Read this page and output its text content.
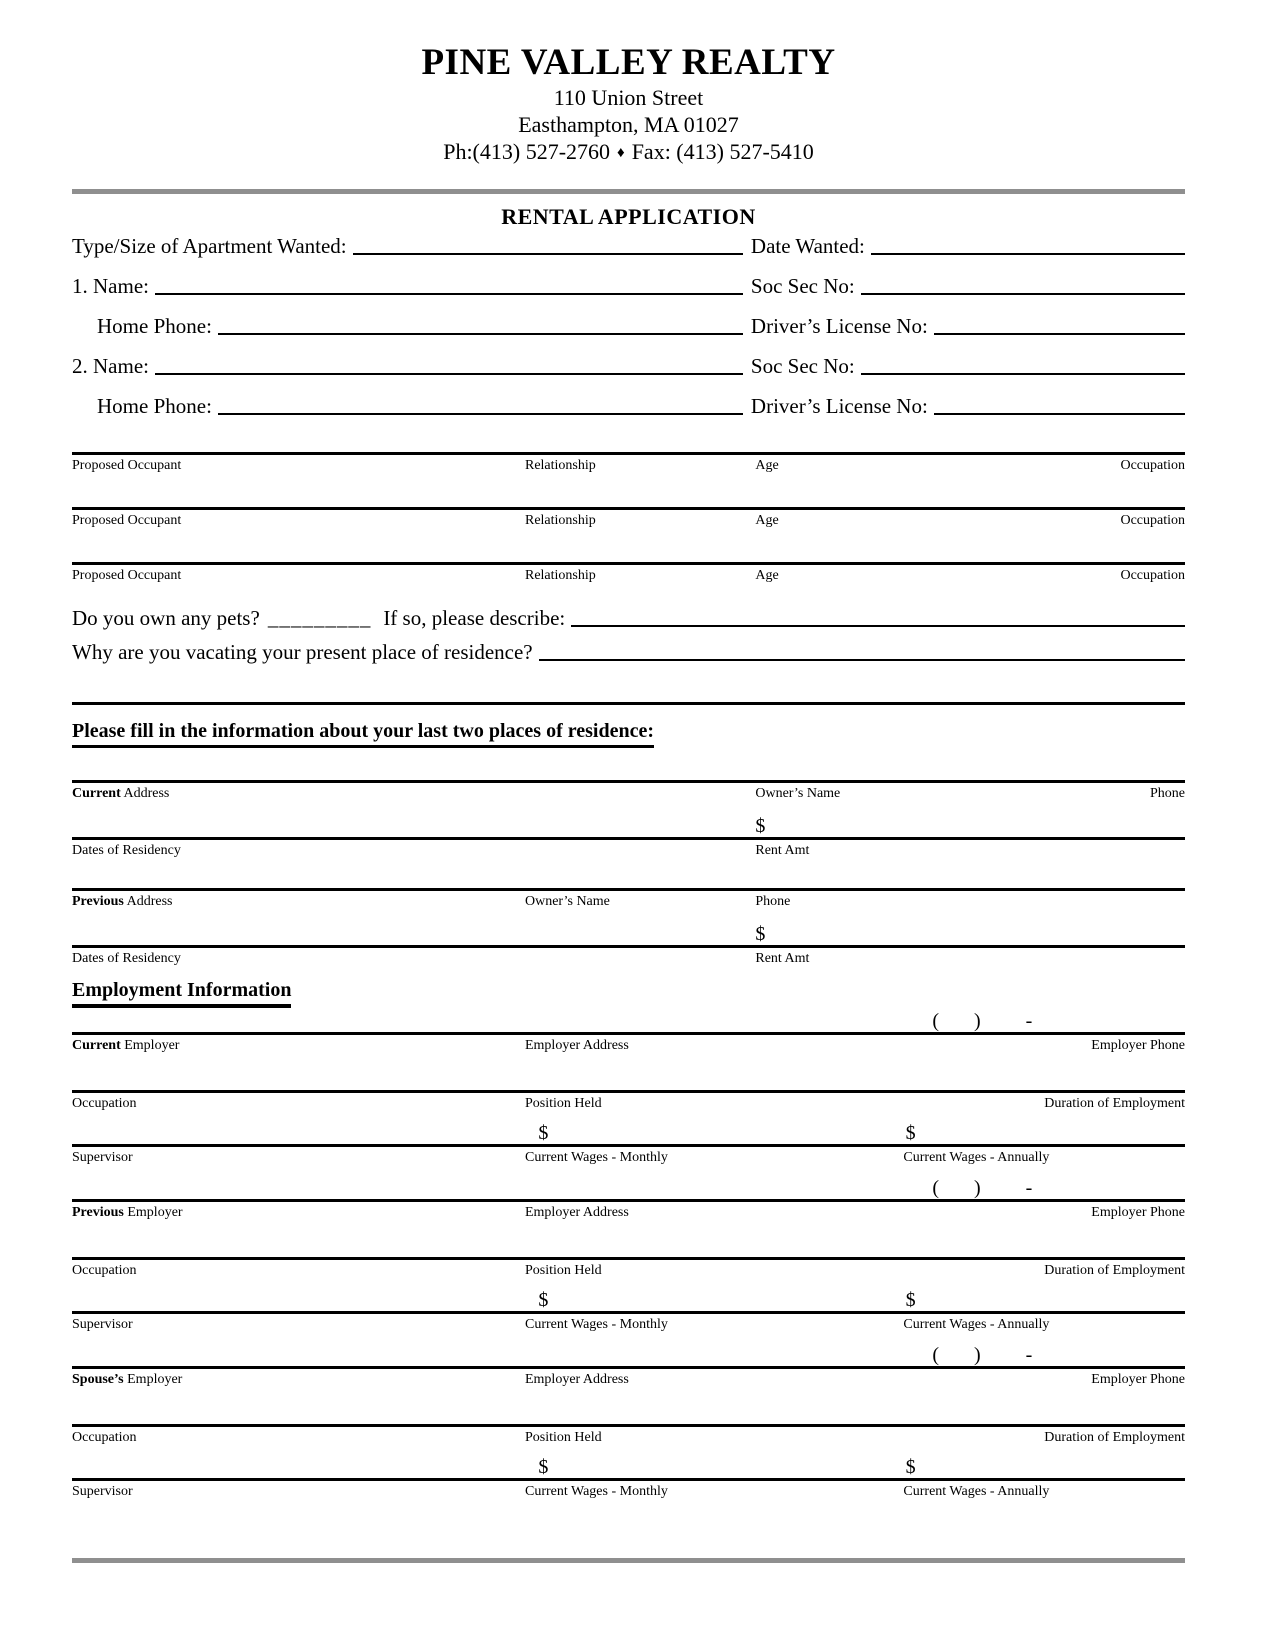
PINE VALLEY REALTY
110 Union Street
Easthampton, MA 01027
Ph:(413) 527-2760 ♦ Fax: (413) 527-5410
RENTAL APPLICATION
Type/Size of Apartment Wanted:	Date Wanted:
1. Name:	Soc Sec No:
Home Phone:	Driver’s License No:
2. Name:	Soc Sec No:
Home Phone:	Driver’s License No:
Proposed Occupant	Relationship	Age	Occupation
Proposed Occupant	Relationship	Age	Occupation
Proposed Occupant	Relationship	Age	Occupation
Do you own any pets? _________ If so, please describe:
Why are you vacating your present place of residence?
Please fill in the information about your last two places of residence:
Current Address	Owner’s Name	Phone
$
Dates of Residency	Rent Amt
Previous Address	Owner’s Name	Phone
$
Dates of Residency	Rent Amt
Employment Information
(       )         -
Current Employer	Employer Address	Employer Phone
Occupation	Position Held	Duration of Employment
$	$
Supervisor	Current Wages - Monthly	Current Wages - Annually
(       )         -
Previous Employer	Employer Address	Employer Phone
Occupation	Position Held	Duration of Employment
$	$
Supervisor	Current Wages - Monthly	Current Wages - Annually
(       )         -
Spouse’s Employer	Employer Address	Employer Phone
Occupation	Position Held	Duration of Employment
$	$
Supervisor	Current Wages - Monthly	Current Wages - Annually
